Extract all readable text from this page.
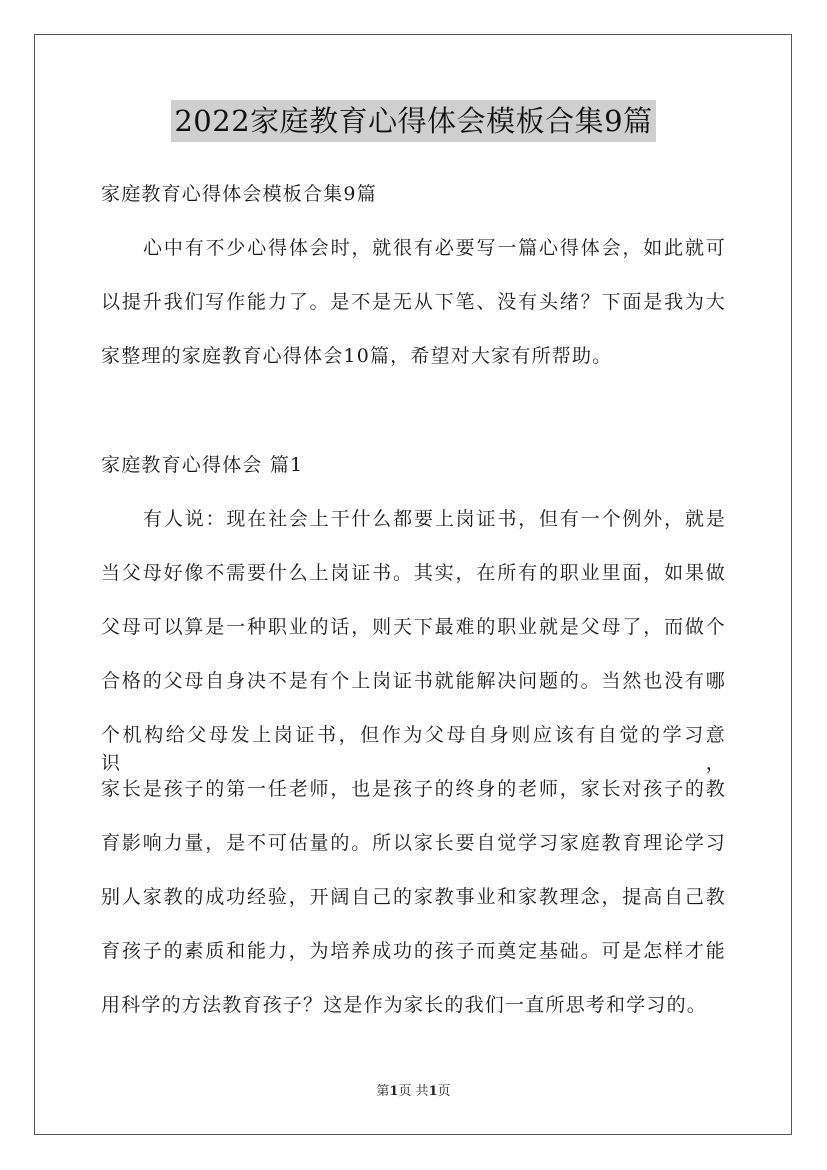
2022家庭教育心得体会模板合集9篇
家庭教育心得体会模板合集9篇
心中有不少心得体会时，就很有必要写一篇心得体会，如此就可
以提升我们写作能力了。是不是无从下笔、没有头绪？下面是我为大
家整理的家庭教育心得体会10篇，希望对大家有所帮助。
家庭教育心得体会 篇1
有人说：现在社会上干什么都要上岗证书，但有一个例外，就是
当父母好像不需要什么上岗证书。其实，在所有的职业里面，如果做
父母可以算是一种职业的话，则天下最难的职业就是父母了，而做个
合格的父母自身决不是有个上岗证书就能解决问题的。当然也没有哪
个机构给父母发上岗证书，但作为父母自身则应该有自觉的学习意识，
家长是孩子的第一任老师，也是孩子的终身的老师，家长对孩子的教
育影响力量，是不可估量的。所以家长要自觉学习家庭教育理论学习
别人家教的成功经验，开阔自己的家教事业和家教理念，提高自己教
育孩子的素质和能力，为培养成功的孩子而奠定基础。可是怎样才能
用科学的方法教育孩子？这是作为家长的我们一直所思考和学习的。
第1页 共1页
